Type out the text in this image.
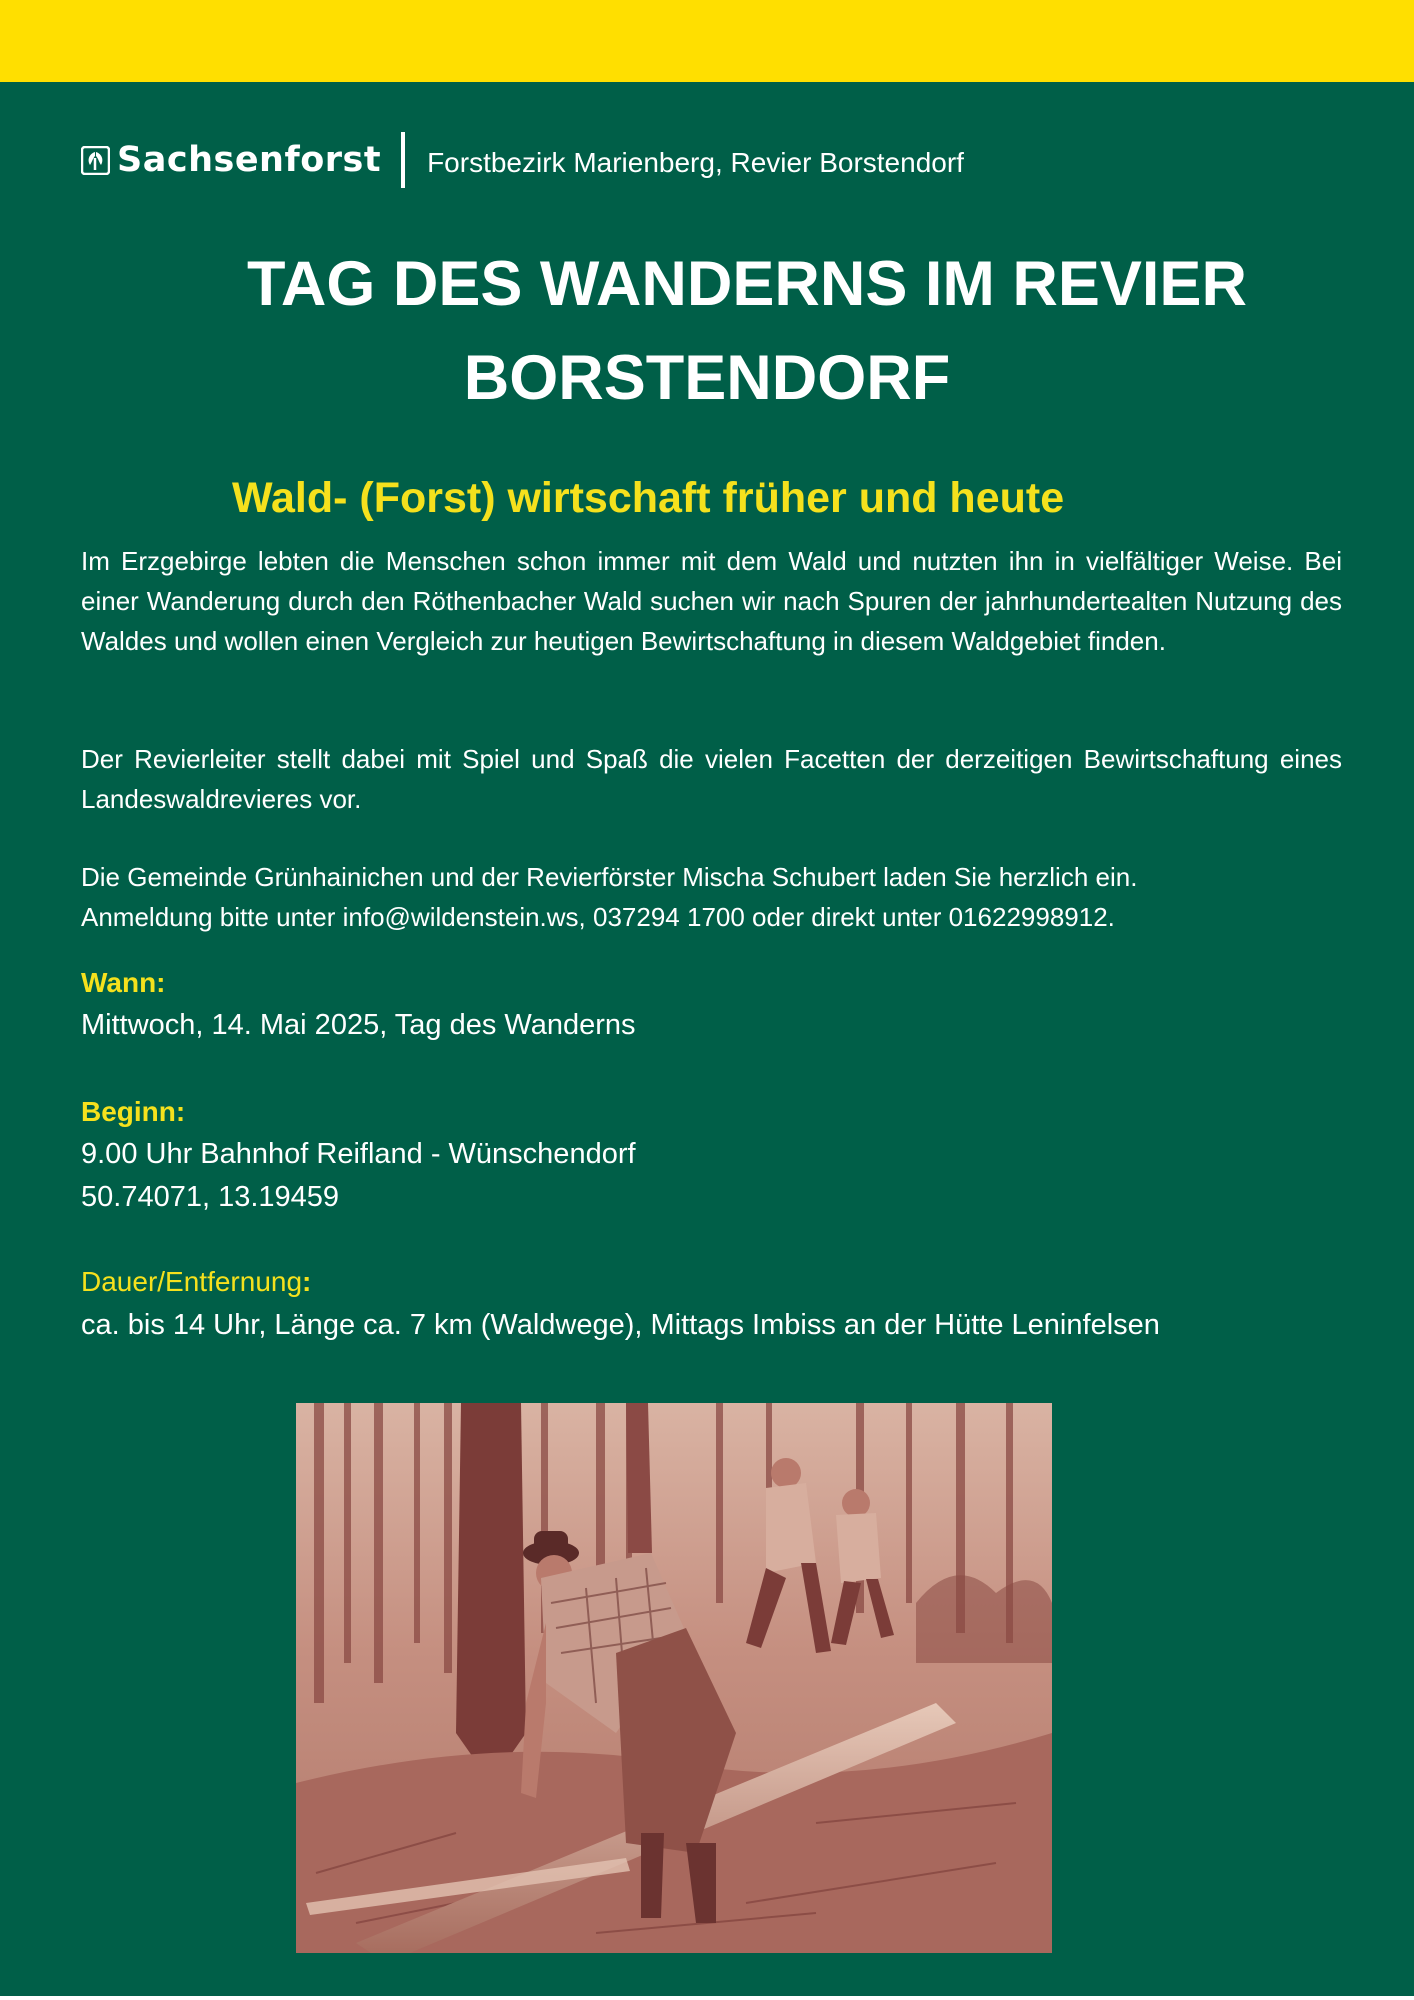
Sachsenforst Forstbezirk Marienberg, Revier Borstendorf
TAG DES WANDERNS IM REVIER
BORSTENDORF
Wald- (Forst) wirtschaft früher und heute

Im Erzgebirge lebten die Menschen schon immer mit dem Wald und nutzten ihn in vielfältiger Weise. Bei einer Wanderung durch den Röthenbacher Wald suchen wir nach Spuren der jahrhundertealten Nutzung des Waldes und wollen einen Vergleich zur heutigen Bewirtschaftung in diesem Waldgebiet finden.

Der Revierleiter stellt dabei mit Spiel und Spaß die vielen Facetten der derzeitigen Bewirtschaftung eines Landeswaldrevieres vor.

Die Gemeinde Grünhainichen und der Revierförster Mischa Schubert laden Sie herzlich ein.
Anmeldung bitte unter info@wildenstein.ws, 037294 1700 oder direkt unter 01622998912.
Wann:
Mittwoch, 14. Mai 2025, Tag des Wanderns
Beginn:
9.00 Uhr Bahnhof Reifland - Wünschendorf
50.74071, 13.19459
Dauer/Entfernung:
ca. bis 14 Uhr, Länge ca. 7 km (Waldwege), Mittags Imbiss an der Hütte Leninfelsen
